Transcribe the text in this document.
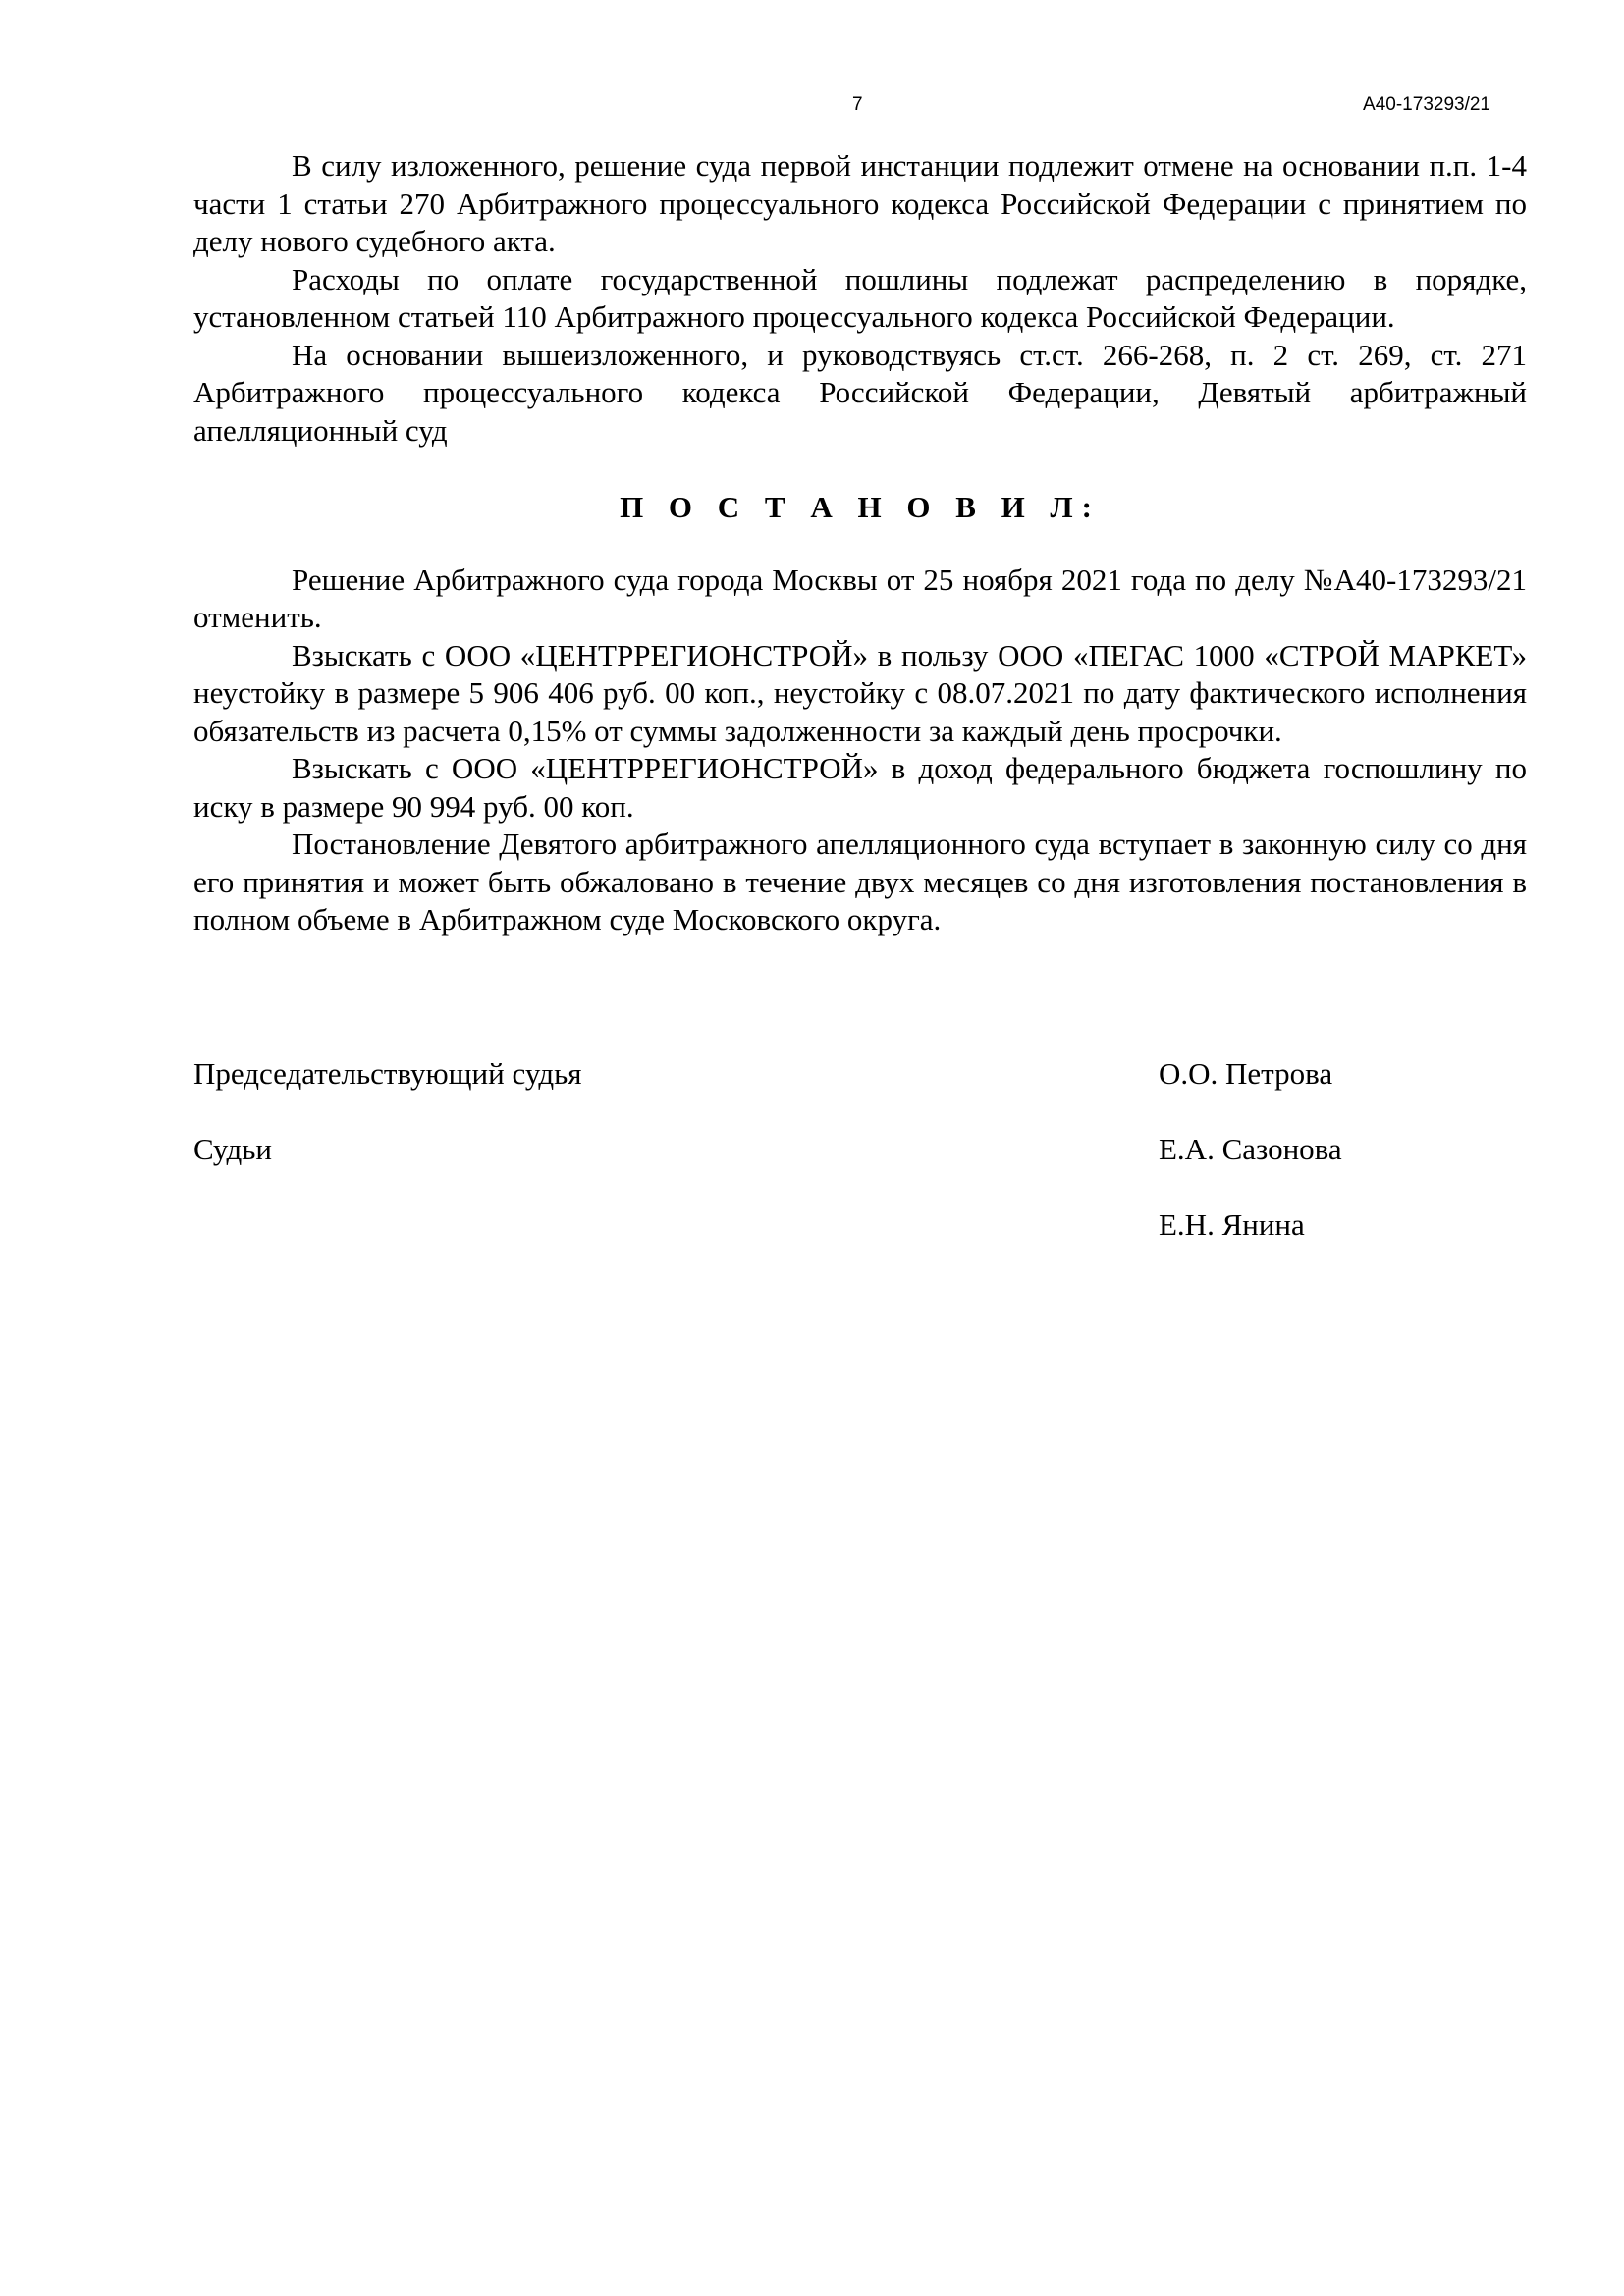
7	А40-173293/21

В силу изложенного, решение суда первой инстанции подлежит отмене на основании п.п. 1-4 части 1 статьи 270 Арбитражного процессуального кодекса Российской Федерации с принятием по делу нового судебного акта.

Расходы по оплате государственной пошлины подлежат распределению в порядке, установленном статьей 110 Арбитражного процессуального кодекса Российской Федерации.

На основании вышеизложенного, и руководствуясь ст.ст. 266-268, п. 2 ст. 269, ст. 271 Арбитражного процессуального кодекса Российской Федерации, Девятый арбитражный апелляционный суд

П О С Т А Н О В И Л:

Решение Арбитражного суда города Москвы от 25 ноября 2021 года по делу №А40-173293/21 отменить.

Взыскать с ООО «ЦЕНТРРЕГИОНСТРОЙ» в пользу ООО «ПЕГАС 1000 «СТРОЙ МАРКЕТ» неустойку в размере 5 906 406 руб. 00 коп., неустойку с 08.07.2021 по дату фактического исполнения обязательств из расчета 0,15% от суммы задолженности за каждый день просрочки.

Взыскать с ООО «ЦЕНТРРЕГИОНСТРОЙ» в доход федерального бюджета госпошлину по иску в размере 90 994 руб. 00 коп.

Постановление Девятого арбитражного апелляционного суда вступает в законную силу со дня его принятия и может быть обжаловано в течение двух месяцев со дня изготовления постановления в полном объеме в Арбитражном суде Московского округа.

Председательствующий судья	О.О. Петрова
Судьи	Е.А. Сазонова
Е.Н. Янина
